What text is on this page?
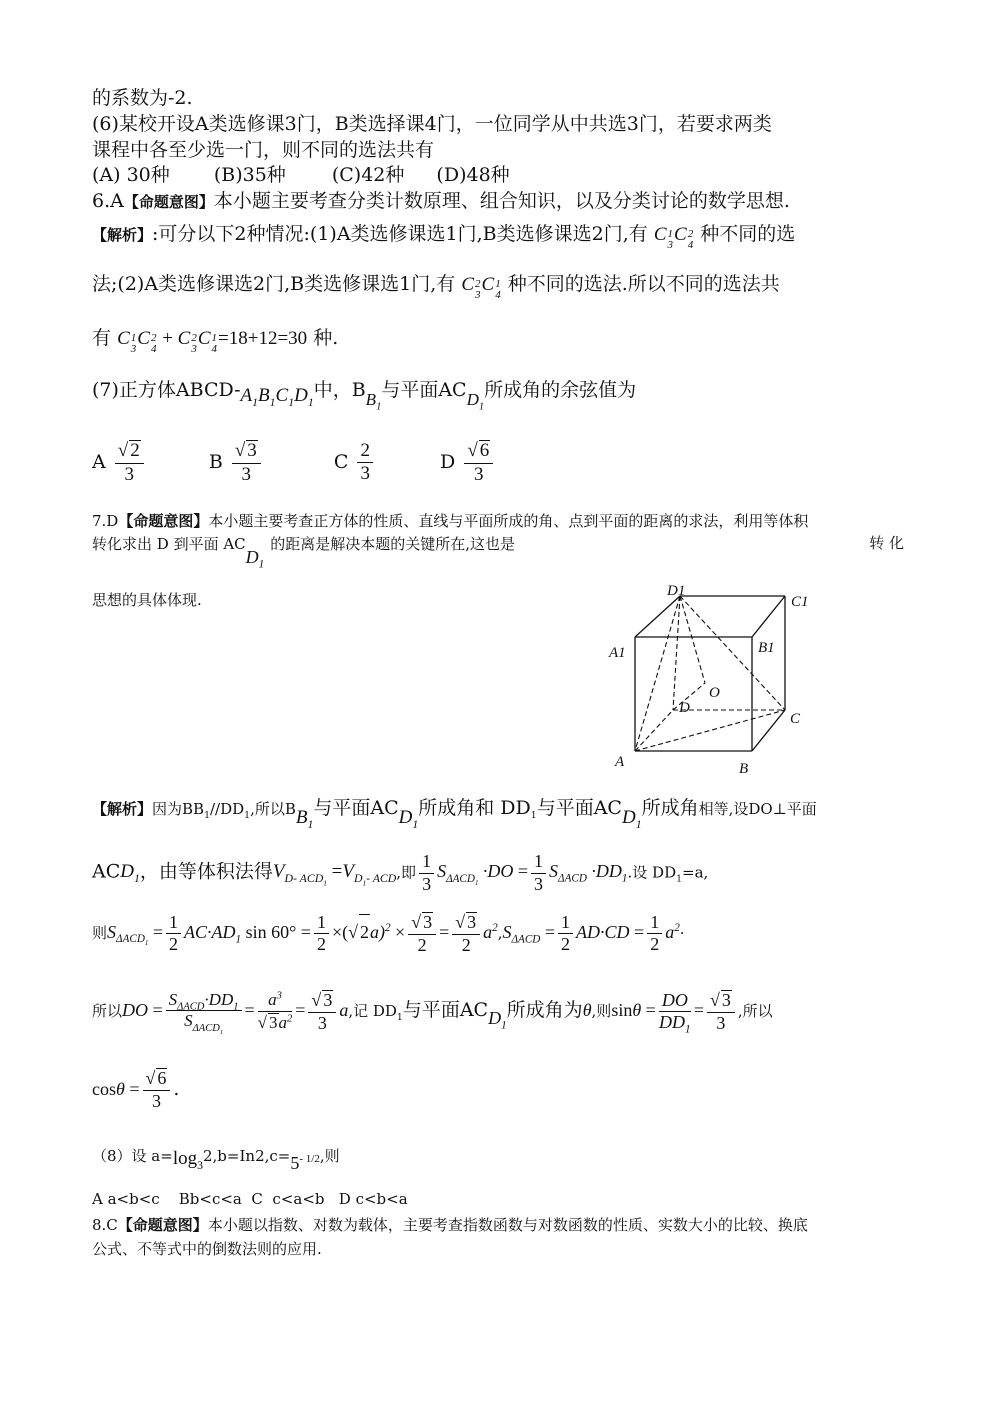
的系数为-2.
(6)某校开设A类选修课3门，B类选择课4门，一位同学从中共选3门，若要求两类
课程中各至少选一门，则不同的选法共有
(A) 30种 (B)35种 (C)42种 (D)48种
6.A【命题意图】本小题主要考查分类计数原理、组合知识，以及分类讨论的数学思想.
【解析】:可分以下2种情况:(1)A类选修课选1门,B类选修课选2门,有 C 1
3 C 2
4 种不同的选
法;(2)A类选修课选2门,B类选修课选1门,有 C 2
3 C 1
4 种不同的选法.所以不同的选法共
有 C 1
3 C 2
4 + C 2
3 C 1
4 =18+12=30 种.
(7)正方体ABCD-$A_1B_1C_1D_1$中，$BB_1$与平面$ACD_1$所成角的余弦值为
A $\frac{√ 2}{3}$	B $\frac{√ 3}{3}$	C $\frac{2}{3}$	D $\frac{√ 6}{3}$
7.D【命题意图】本小题主要考查正方体的性质、直线与平面所成的角、点到平面的距离的求法，利用等体积
转化求出 D 到平面 $ACD_1$的距离是解决本题的关键所在,这也是	转 化
思想的具体体现.	D1
C1
A1	B1
O
D
C
A	B
【解析】因为$BB_1//DD_1$,所以$BB_1$与平面$ACD_1$所成角和 $DD_1$与平面$ACD_1$所成角相等,设DO⊥平面
$ACD_1$，由等体积法得$V_{D- ACD_1} =V_{D_1- ACD}$,即 $\frac{1}{3} S_{\Delta ACD_1} \cdot DO = \frac{1}{3} S_{\Delta ACD} \cdot DD_1$.设 $DD_1=a$,
则$S_{\Delta ACD_1} = \frac{1}{2} AC\cdot AD_1$ $\sin 60^\circ = \frac{1}{2}$ ×(√ $2a)^2 \times \frac{√ 3}{2} = \frac{√ 3}{2} a^2,S_{\Delta ACD} = \frac{1}{2} AD\cdot CD = \frac{1}{2} a^2\cdot$
所以DO = $\frac{S_{\Delta ACD}\cdot DD_1}{S_{\Delta ACD_1}} = \frac{a^3}{√ 3a^2} = \frac{√ 3}{3} a$,记 $DD_1$与平面$ACD_1$所成角为θ,则$\sin\theta = \frac{DO}{DD_1} = \frac{√ 3}{3}$ ,所以
$\cos\theta = \frac{√ 6}{3}$ .
（8）设 $a=\log_32,b=In2,c=5^{- 1/2}$,则
A a<b<c    Bb<c<a  C  c<a<b   D c<b<a
8.C【命题意图】本小题以指数、对数为载体，主要考查指数函数与对数函数的性质、实数大小的比较、换底
公式、不等式中的倒数法则的应用.
